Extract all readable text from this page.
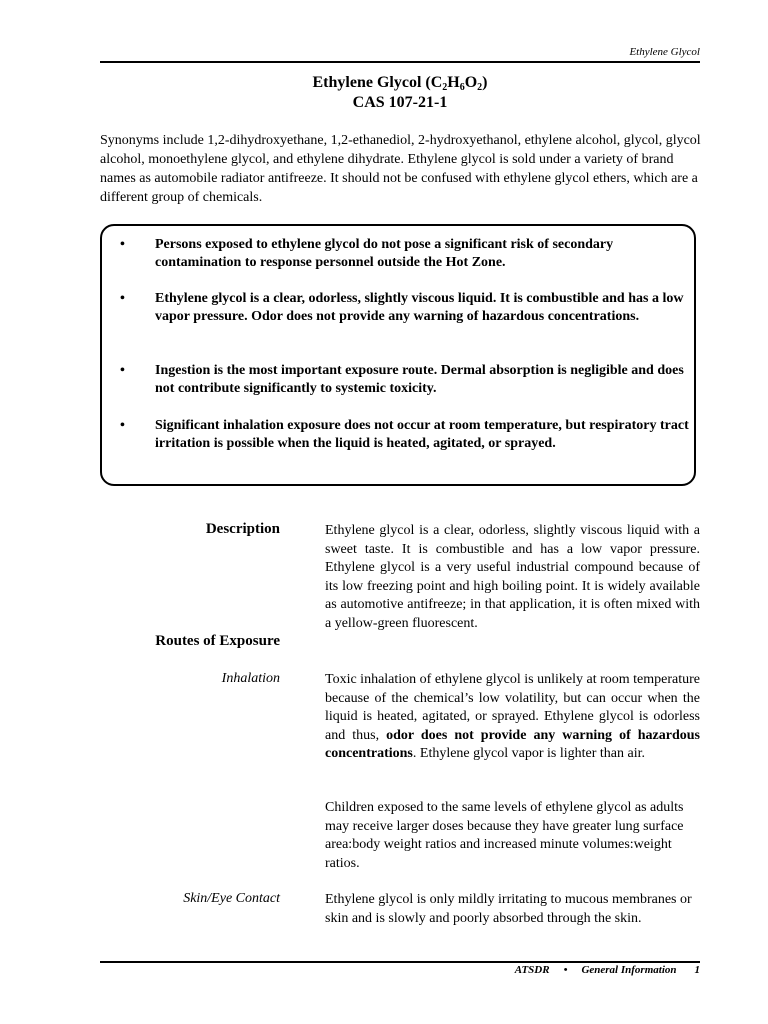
Ethylene Glycol
Ethylene Glycol $(C_2H_6O_2)$
CAS 107-21-1

Synonyms include 1,2-dihydroxyethane, 1,2-ethanediol, 2-hydroxyethanol, ethylene alcohol, glycol, glycol alcohol, monoethylene glycol, and ethylene dihydrate. Ethylene glycol is sold under a variety of brand names as automobile radiator antifreeze. It should not be confused with ethylene glycol ethers, which are a different group of chemicals.

• Persons exposed to ethylene glycol do not pose a significant risk of secondary contamination to response personnel outside the Hot Zone.
• Ethylene glycol is a clear, odorless, slightly viscous liquid. It is combustible and has a low vapor pressure. Odor does not provide any warning of hazardous concentrations.
• Ingestion is the most important exposure route. Dermal absorption is negligible and does not contribute significantly to systemic toxicity.
• Significant inhalation exposure does not occur at room temperature, but respiratory tract irritation is possible when the liquid is heated, agitated, or sprayed.
Description	Ethylene glycol is a clear, odorless, slightly viscous liquid with a sweet taste. It is combustible and has a low vapor pressure. Ethylene glycol is a very useful industrial compound because of its low freezing point and high boiling point. It is widely available as automotive antifreeze; in that application, it is often mixed with a yellow-green fluorescent.

Routes of Exposure
Inhalation	Toxic inhalation of ethylene glycol is unlikely at room temperature because of the chemical’s low volatility, but can occur when the liquid is heated, agitated, or sprayed. Ethylene glycol is odorless and thus, odor does not provide any warning of hazardous concentrations. Ethylene glycol vapor is lighter than air.

Children exposed to the same levels of ethylene glycol as adults may receive larger doses because they have greater lung surface area:body weight ratios and increased minute volumes:weight ratios.

Skin/Eye Contact	Ethylene glycol is only mildly irritating to mucous membranes or skin and is slowly and poorly absorbed through the skin.

ATSDR • General Information 1
